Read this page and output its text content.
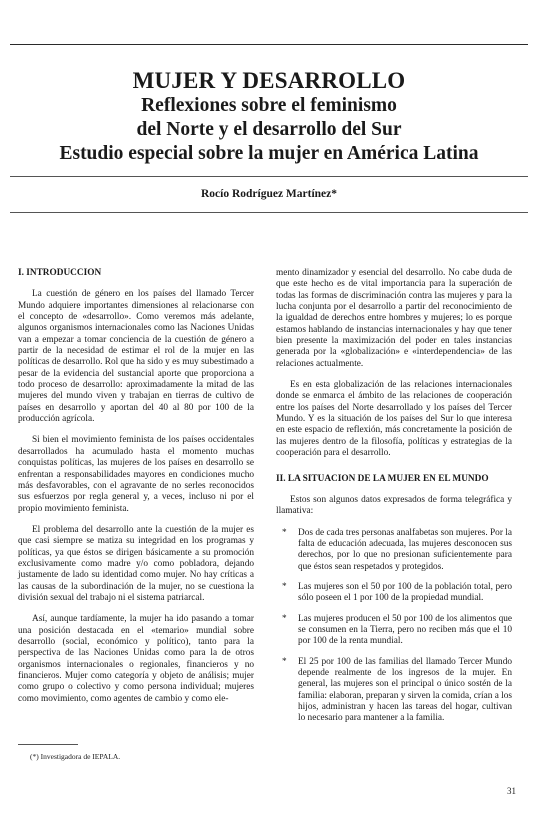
MUJER Y DESARROLLO
Reflexiones sobre el feminismo
del Norte y el desarrollo del Sur
Estudio especial sobre la mujer en América Latina
Rocío Rodríguez Martínez*
I. INTRODUCCION

La cuestión de género en los países del llamado Tercer Mundo adquiere importantes dimensiones al relacionarse con el concepto de «desarrollo». Como veremos más adelante, algunos organismos internacionales como las Naciones Unidas van a empezar a tomar conciencia de la cuestión de género a partir de la necesidad de estimar el rol de la mujer en las políticas de desarrollo. Rol que ha sido y es muy subestimado a pesar de la evidencia del sustancial aporte que proporciona a todo proceso de desarrollo: aproximadamente la mitad de las mujeres del mundo viven y trabajan en tierras de cultivo de países en desarrollo y aportan del 40 al 80 por 100 de la producción agrícola.

Si bien el movimiento feminista de los países occidentales desarrollados ha acumulado hasta el momento muchas conquistas políticas, las mujeres de los países en desarrollo se enfrentan a responsabilidades mayores en condiciones mucho más desfavorables, con el agravante de no serles reconocidos sus esfuerzos por regla general y, a veces, incluso ni por el propio movimiento feminista.

El problema del desarrollo ante la cuestión de la mujer es que casi siempre se matiza su integridad en los programas y políticas, ya que éstos se dirigen básicamente a su promoción exclusivamente como madre y/o como pobladora, dejando justamente de lado su identidad como mujer. No hay críticas a las causas de la subordinación de la mujer, no se cuestiona la división sexual del trabajo ni el sistema patriarcal.

Así, aunque tardíamente, la mujer ha ido pasando a tomar una posición destacada en el «temario» mundial sobre desarrollo (social, económico y político), tanto para la perspectiva de las Naciones Unidas como para la de otros organismos internacionales o regionales, financieros y no financieros. Mujer como categoría y objeto de análisis; mujer como grupo o colectivo y como persona individual; mujeres como movimiento, como agentes de cambio y como ele-

(*) Investigadora de IEPALA.

mento dinamizador y esencial del desarrollo. No cabe duda de que este hecho es de vital importancia para la superación de todas las formas de discriminación contra las mujeres y para la lucha conjunta por el desarrollo a partir del reconocimiento de la igualdad de derechos entre hombres y mujeres; lo es porque estamos hablando de instancias internacionales y hay que tener bien presente la maximización del poder en tales instancias generada por la «globalización» e «interdependencia» de las relaciones actualmente.

Es en esta globalización de las relaciones internacionales donde se enmarca el ámbito de las relaciones de cooperación entre los países del Norte desarrollado y los países del Tercer Mundo. Y es la situación de los países del Sur lo que interesa en este espacio de reflexión, más concretamente la posición de las mujeres dentro de la filosofía, políticas y estrategias de la cooperación para el desarrollo.

II. LA SITUACION DE LA MUJER EN EL MUNDO

Estos son algunos datos expresados de forma telegráfica y llamativa:

* Dos de cada tres personas analfabetas son mujeres. Por la falta de educación adecuada, las mujeres desconocen sus derechos, por lo que no presionan suficientemente para que éstos sean respetados y protegidos.
* Las mujeres son el 50 por 100 de la población total, pero sólo poseen el 1 por 100 de la propiedad mundial.
* Las mujeres producen el 50 por 100 de los alimentos que se consumen en la Tierra, pero no reciben más que el 10 por 100 de la renta mundial.
* El 25 por 100 de las familias del llamado Tercer Mundo depende realmente de los ingresos de la mujer. En general, las mujeres son el principal o único sostén de la familia: elaboran, preparan y sirven la comida, crían a los hijos, administran y hacen las tareas del hogar, cultivan lo necesario para mantener a la familia.
31
